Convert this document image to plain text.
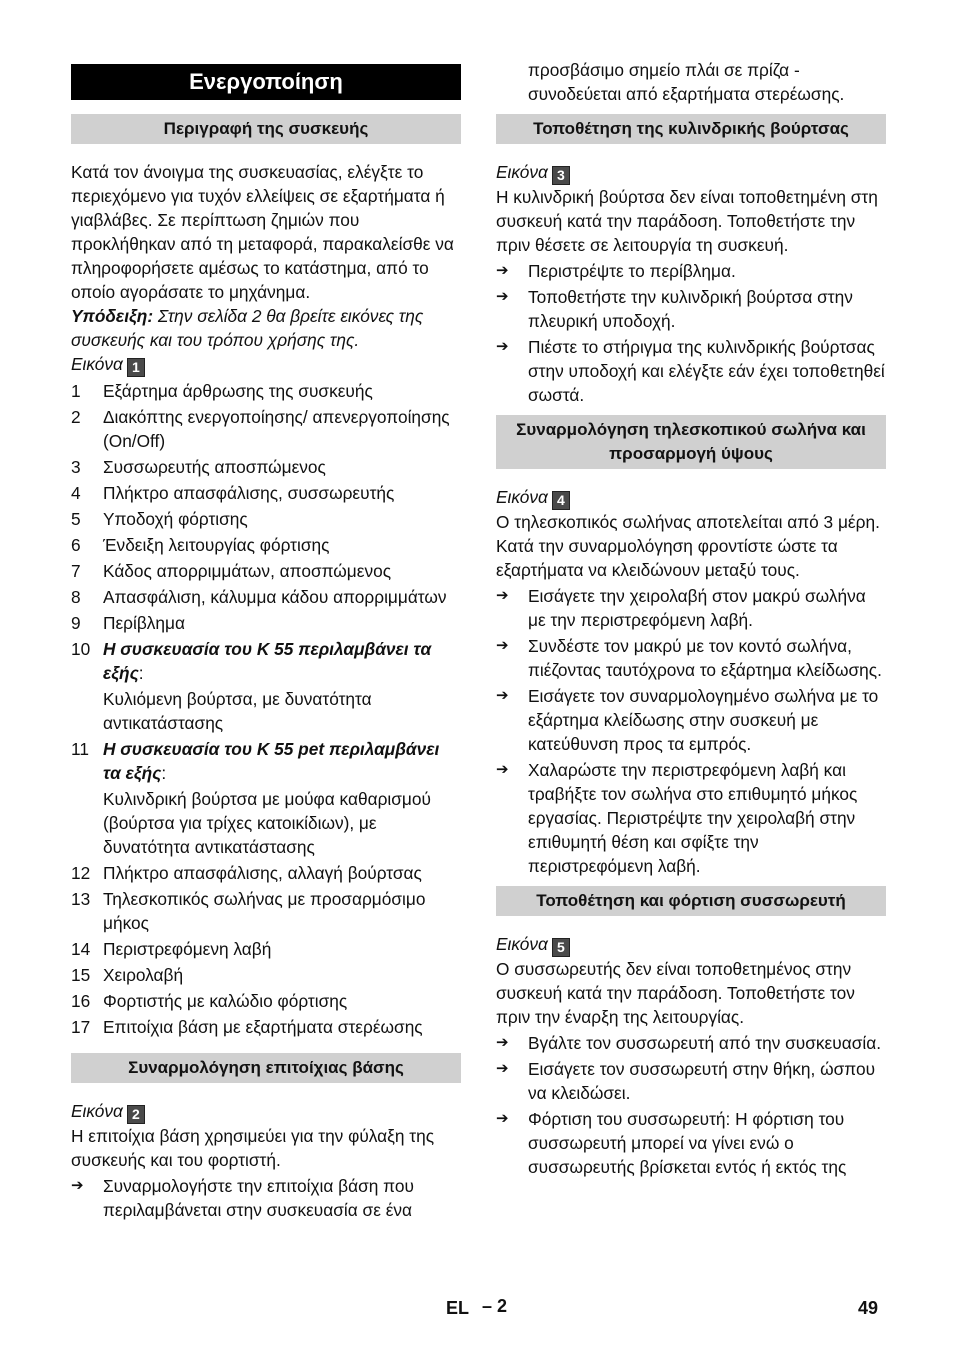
Ενεργοποίηση
Περιγραφή της συσκευής

Κατά τον άνοιγμα της συσκευασίας, ελέγξτε το περιεχόμενο για τυχόν ελλείψεις σε εξαρτήματα ή γιαβλάβες. Σε περίπτωση ζημιών που προκλήθηκαν από τη μεταφορά, παρακαλείσθε να πληροφορήσετε αμέσως το κατάστημα, από το οποίο αγοράσατε το μηχάνημα.

Υπόδειξη: Στην σελίδα 2 θα βρείτε εικόνες της συσκευής και του τρόπου χρήσης της.

Εικόνα 1

1	Εξάρτημα άρθρωσης της συσκευής
2	Διακόπτης ενεργοποίησης/ απενεργοποίησης (On/Off)
3	Συσσωρευτής αποσπώμενος
4	Πλήκτρο απασφάλισης, συσσωρευτής
5	Υποδοχή φόρτισης
6	Ένδειξη λειτουργίας φόρτισης
7	Κάδος απορριμμάτων, αποσπώμενος
8	Απασφάλιση, κάλυμμα κάδου απορριμμάτων
9	Περίβλημα
10 Η συσκευασία του K 55 περιλαμβάνει τα εξής:
Κυλιόμενη βούρτσα, με δυνατότητα αντικατάστασης
11 Η συσκευασία του K 55 pet περιλαμβάνει τα εξής:
Κυλινδρική βούρτσα με μούφα καθαρισμού (βούρτσα για τρίχες κατοικίδιων), με δυνατότητα αντικατάστασης
12 Πλήκτρο απασφάλισης, αλλαγή βούρτσας
13 Τηλεσκοπικός σωλήνας με προσαρμόσιμο μήκος
14 Περιστρεφόμενη λαβή
15 Χειρολαβή
16 Φορτιστής με καλώδιο φόρτισης
17 Επιτοίχια βάση με εξαρτήματα στερέωσης
Συναρμολόγηση επιτοίχιας βάσης

Εικόνα 2

Η επιτοίχια βάση χρησιμεύει για την φύλαξη της συσκευής και του φορτιστή.

➔	Συναρμολογήστε την επιτοίχια βάση που περιλαμβάνεται στην συσκευασία σε ένα
προσβάσιμο σημείο πλάι σε πρίζα - συνοδεύεται από εξαρτήματα στερέωσης.
Τοποθέτηση της κυλινδρικής βούρτσας

Εικόνα 3

Η κυλινδρική βούρτσα δεν είναι τοποθετημένη στη συσκευή κατά την παράδοση. Τοποθετήστε την πριν θέσετε σε λειτουργία τη συσκευή.

➔	Περιστρέψτε το περίβλημα.
➔	Τοποθετήστε την κυλινδρική βούρτσα στην πλευρική υποδοχή.
➔	Πιέστε το στήριγμα της κυλινδρικής βούρτσας στην υποδοχή και ελέγξτε εάν έχει τοποθετηθεί σωστά.
Συναρμολόγηση τηλεσκοπικού σωλήνα και προσαρμογή ύψους

Εικόνα 4

Ο τηλεσκοπικός σωλήνας αποτελείται από 3 μέρη. Κατά την συναρμολόγηση φροντίστε ώστε τα εξαρτήματα να κλειδώνουν μεταξύ τους.

➔	Εισάγετε την χειρολαβή στον μακρύ σωλήνα με την περιστρεφόμενη λαβή.
➔	Συνδέστε τον μακρύ με τον κοντό σωλήνα, πιέζοντας ταυτόχρονα το εξάρτημα κλείδωσης.
➔	Εισάγετε τον συναρμολογημένο σωλήνα με το εξάρτημα κλείδωσης στην συσκευή με κατεύθυνση προς τα εμπρός.
➔	Χαλαρώστε την περιστρεφόμενη λαβή και τραβήξτε τον σωλήνα στο επιθυμητό μήκος εργασίας. Περιστρέψτε την χειρολαβή στην επιθυμητή θέση και σφίξτε την περιστρεφόμενη λαβή.
Τοποθέτηση και φόρτιση συσσωρευτή

Εικόνα 5

Ο συσσωρευτής δεν είναι τοποθετημένος στην συσκευή κατά την παράδοση. Τοποθετήστε τον πριν την έναρξη της λειτουργίας.

➔	Βγάλτε τον συσσωρευτή από την συσκευασία.
➔	Εισάγετε τον συσσωρευτή στην θήκη, ώσπου να κλειδώσει.
➔	Φόρτιση του συσσωρευτή: Η φόρτιση του συσσωρευτή μπορεί να γίνει ενώ ο συσσωρευτής βρίσκεται εντός ή εκτός της
EL – 2	49
